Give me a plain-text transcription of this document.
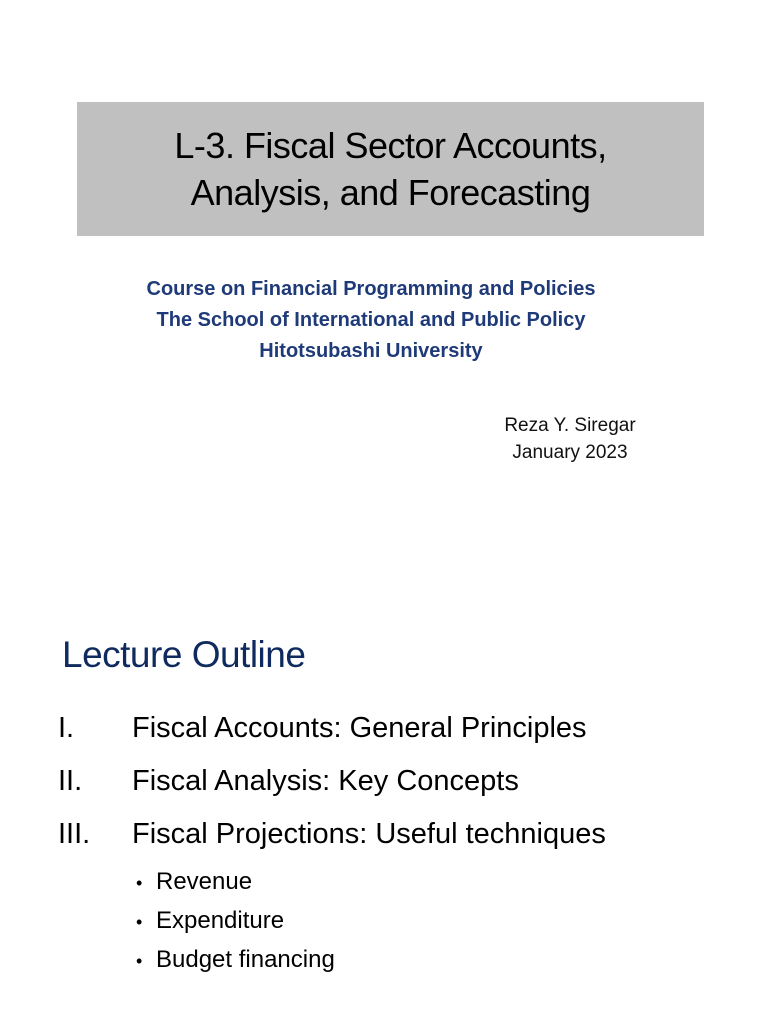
L-3. Fiscal Sector Accounts,
Analysis, and Forecasting
Course on Financial Programming and Policies
The School of International and Public Policy
Hitotsubashi University
Reza Y. Siregar
January 2023
Lecture Outline
I.	Fiscal Accounts: General Principles
II.	Fiscal Analysis: Key Concepts
III.	Fiscal Projections: Useful techniques
• Revenue
• Expenditure
• Budget financing
